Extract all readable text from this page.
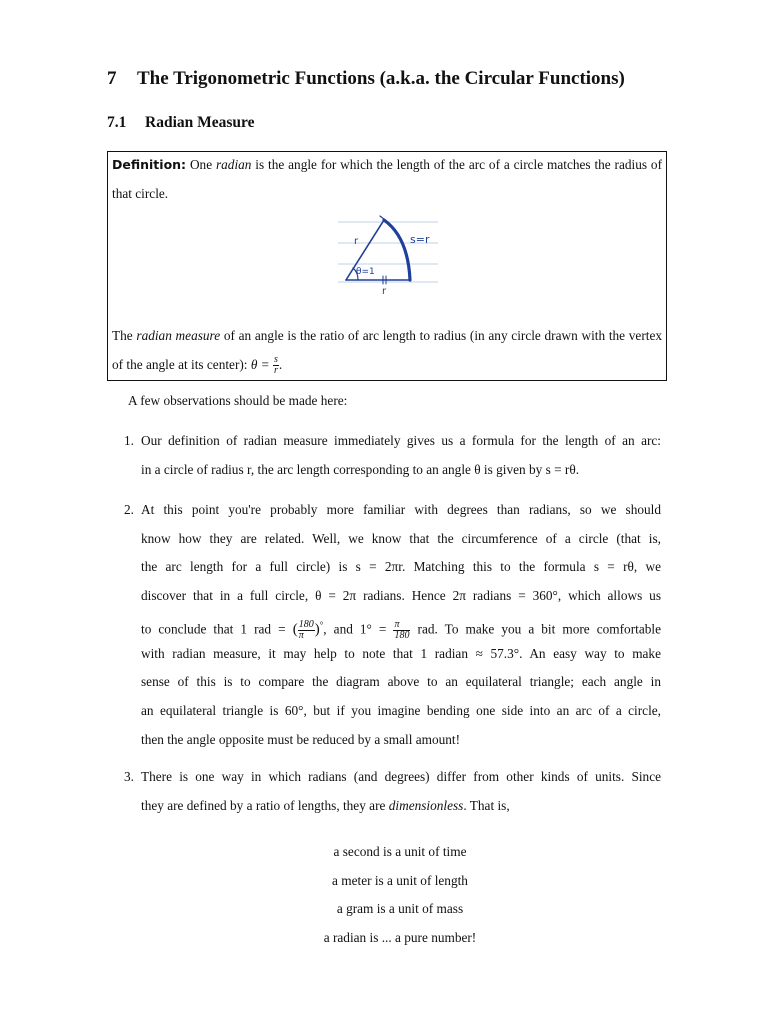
7 The Trigonometric Functions (a.k.a. the Circular Functions)
7.1 Radian Measure

Definition: One radian is the angle for which the length of the arc of a circle matches the radius of that circle.

r	s=r
θ=1
r

The radian measure of an angle is the ratio of arc length to radius (in any circle drawn with the vertex of the angle at its center): $\theta = \frac{s}{r}$ .

A few observations should be made here:

1. Our definition of radian measure immediately gives us a formula for the length of an arc:
in a circle of radius r, the arc length corresponding to an angle θ is given by s = rθ.

2. At this point you're probably more familiar with degrees than radians, so we should
know how they are related. Well, we know that the circumference of a circle (that is,
the arc length for a full circle) is s = 2πr. Matching this to the formula s = rθ, we
discover that in a full circle, θ = 2π radians. Hence 2π radians = 360°, which allows us
to conclude that 1 rad = ( $\frac{180}{\pi} )^\circ$, and $1^\circ = \frac{\pi}{180}$ rad. To make you a bit more comfortable
with radian measure, it may help to note that 1 radian ≈ 57.3°. An easy way to make
sense of this is to compare the diagram above to an equilateral triangle; each angle in
an equilateral triangle is 60°, but if you imagine bending one side into an arc of a circle,
then the angle opposite must be reduced by a small amount!

3. There is one way in which radians (and degrees) differ from other kinds of units. Since
they are defined by a ratio of lengths, they are dimensionless. That is,

a second is a unit of time

a meter is a unit of length

a gram is a unit of mass

a radian is ... a pure number!
